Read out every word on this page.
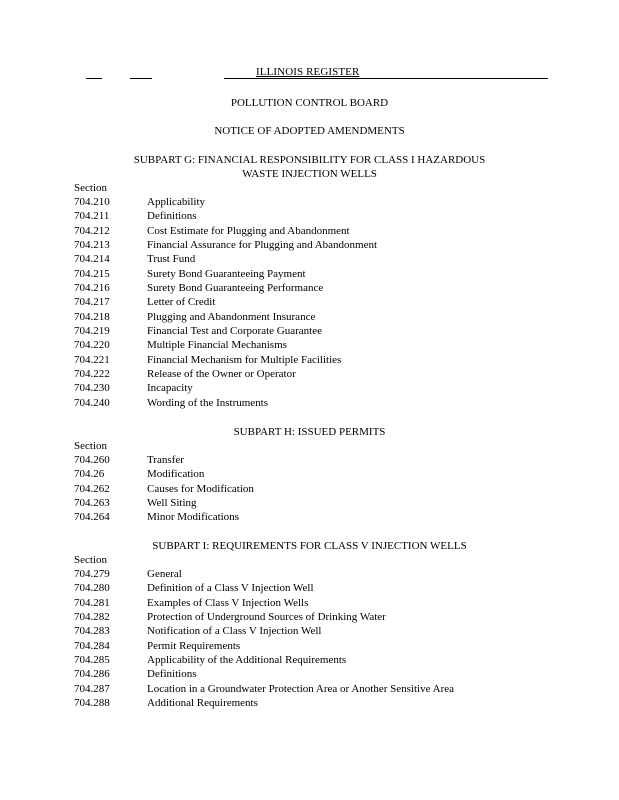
ILLINOIS REGISTER
POLLUTION CONTROL BOARD
NOTICE OF ADOPTED AMENDMENTS
SUBPART G: FINANCIAL RESPONSIBILITY FOR CLASS I HAZARDOUS
WASTE INJECTION WELLS
Section
704.210	Applicability
704.211	Definitions
704.212	Cost Estimate for Plugging and Abandonment
704.213	Financial Assurance for Plugging and Abandonment
704.214	Trust Fund
704.215	Surety Bond Guaranteeing Payment
704.216	Surety Bond Guaranteeing Performance
704.217	Letter of Credit
704.218	Plugging and Abandonment Insurance
704.219	Financial Test and Corporate Guarantee
704.220	Multiple Financial Mechanisms
704.221	Financial Mechanism for Multiple Facilities
704.222	Release of the Owner or Operator
704.230	Incapacity
704.240	Wording of the Instruments
SUBPART H: ISSUED PERMITS
Section
704.260	Transfer
704.26	Modification
704.262	Causes for Modification
704.263	Well Siting
704.264	Minor Modifications
SUBPART I: REQUIREMENTS FOR CLASS V INJECTION WELLS
Section
704.279	General
704.280	Definition of a Class V Injection Well
704.281	Examples of Class V Injection Wells
704.282	Protection of Underground Sources of Drinking Water
704.283	Notification of a Class V Injection Well
704.284	Permit Requirements
704.285	Applicability of the Additional Requirements
704.286	Definitions
704.287	Location in a Groundwater Protection Area or Another Sensitive Area
704.288	Additional Requirements
